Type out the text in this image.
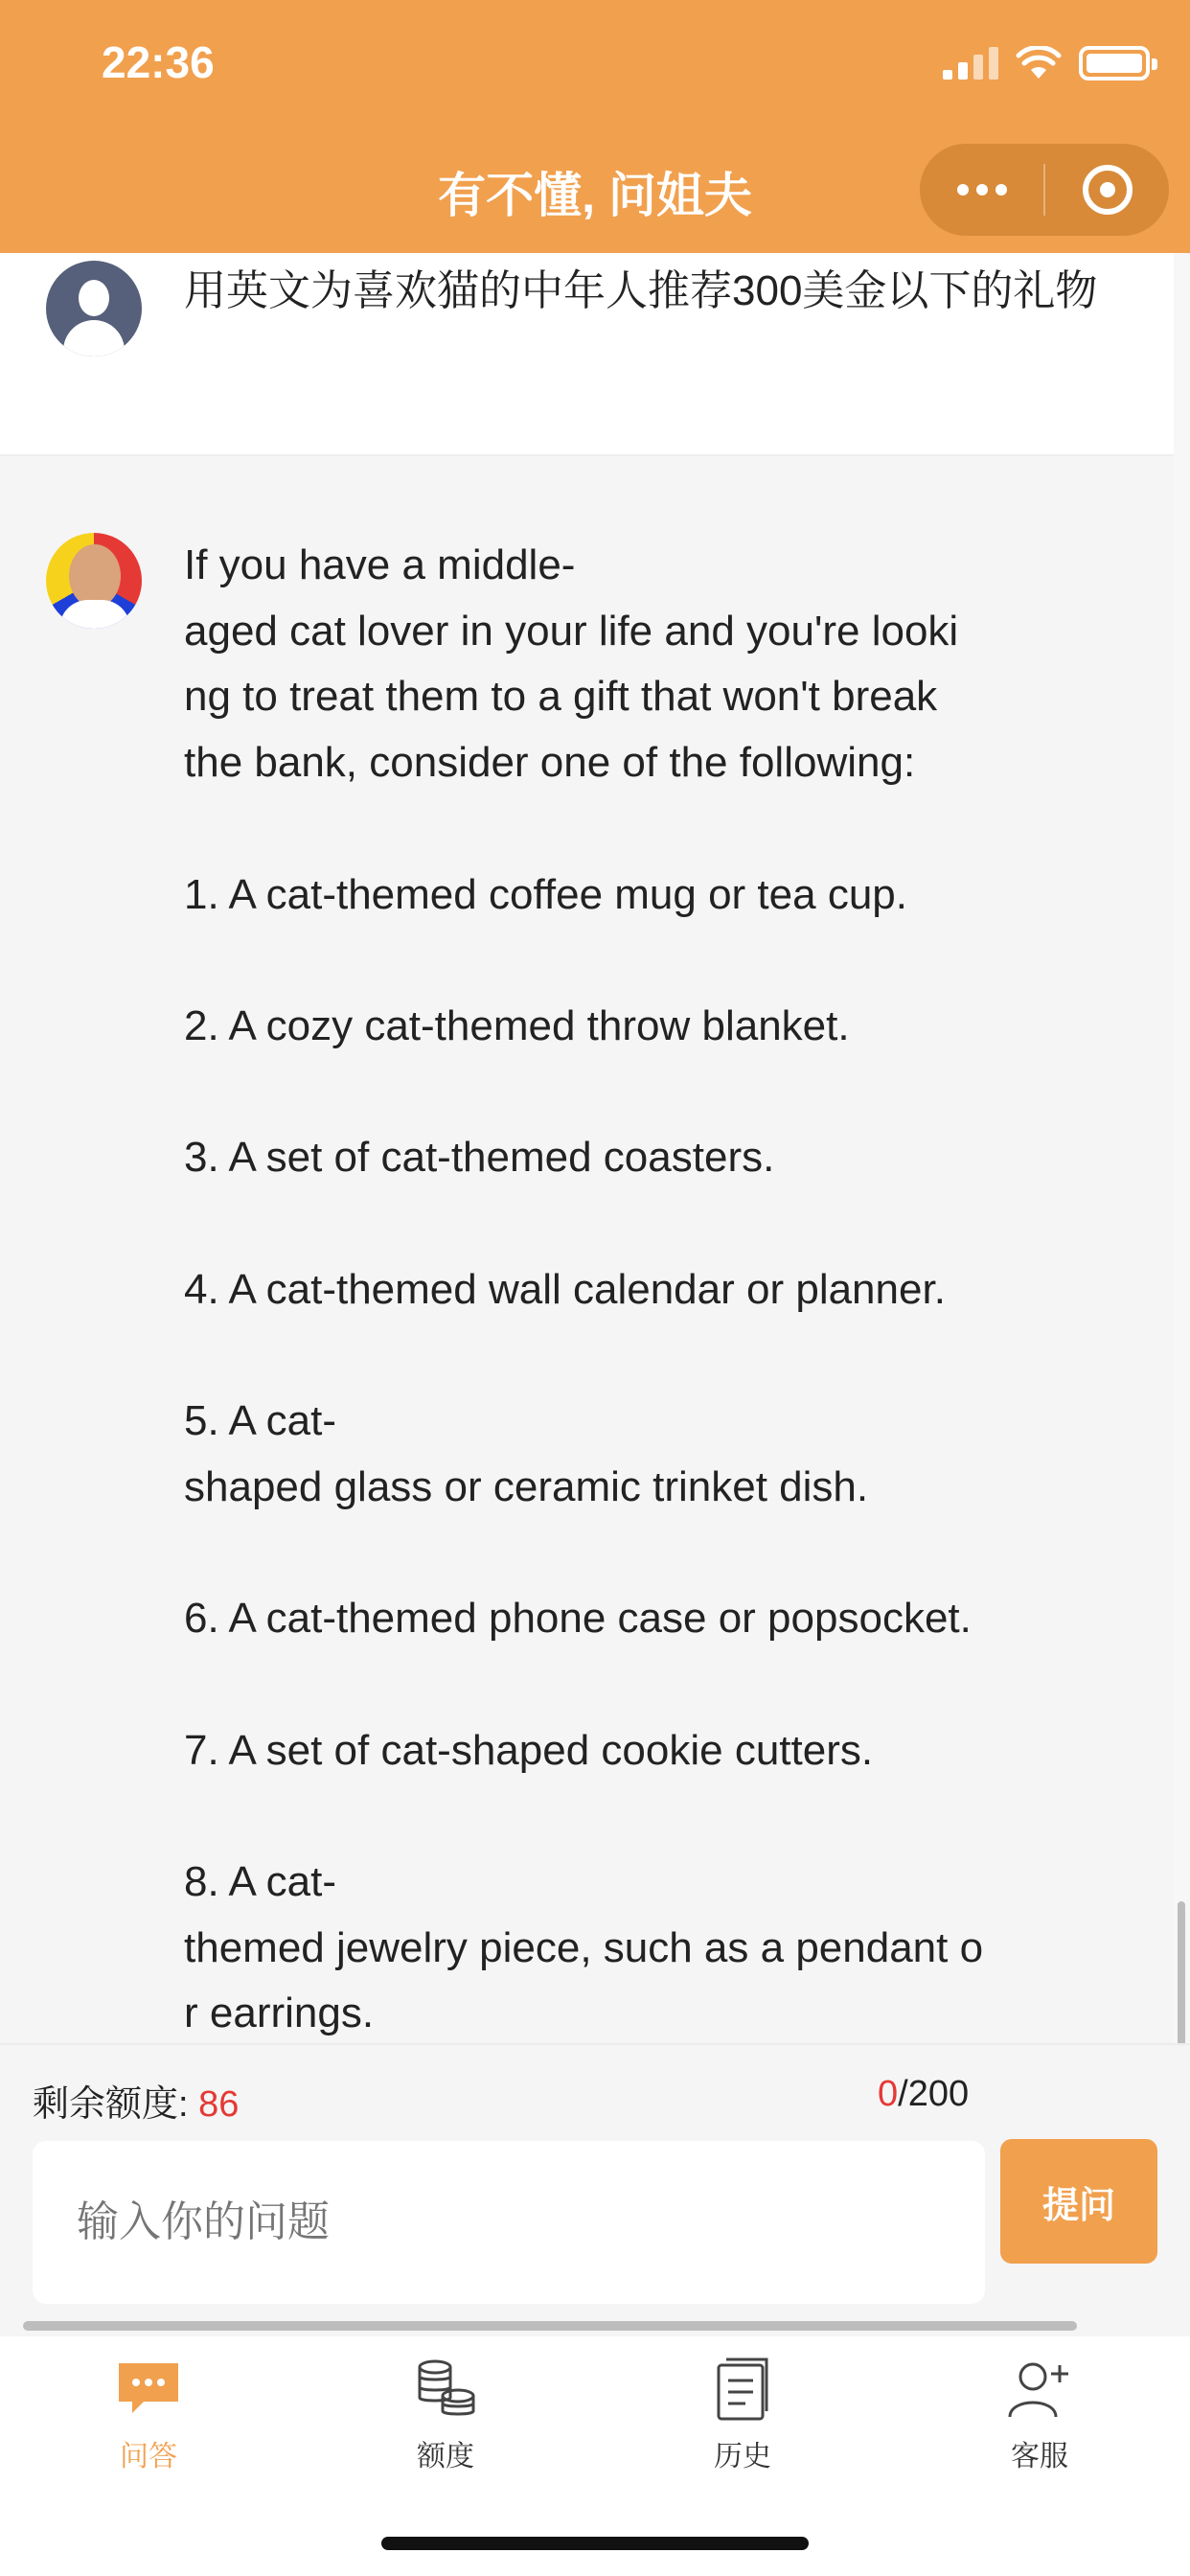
22:36
有不懂, 问姐夫
用英文为喜欢猫的中年人推荐300美金以下的礼物
If you have a middle-
aged cat lover in your life and you're looki
ng to treat them to a gift that won't break
the bank, consider one of the following:
1. A cat-themed coffee mug or tea cup.
2. A cozy cat-themed throw blanket.
3. A set of cat-themed coasters.
4. A cat-themed wall calendar or planner.
5. A cat-
shaped glass or ceramic trinket dish.
6. A cat-themed phone case or popsocket.
7. A set of cat-shaped cookie cutters.
8. A cat-
themed jewelry piece, such as a pendant o
r earrings.
剩余额度: 86	0/200
输入你的问题
提问
问答	额度	历史	客服
